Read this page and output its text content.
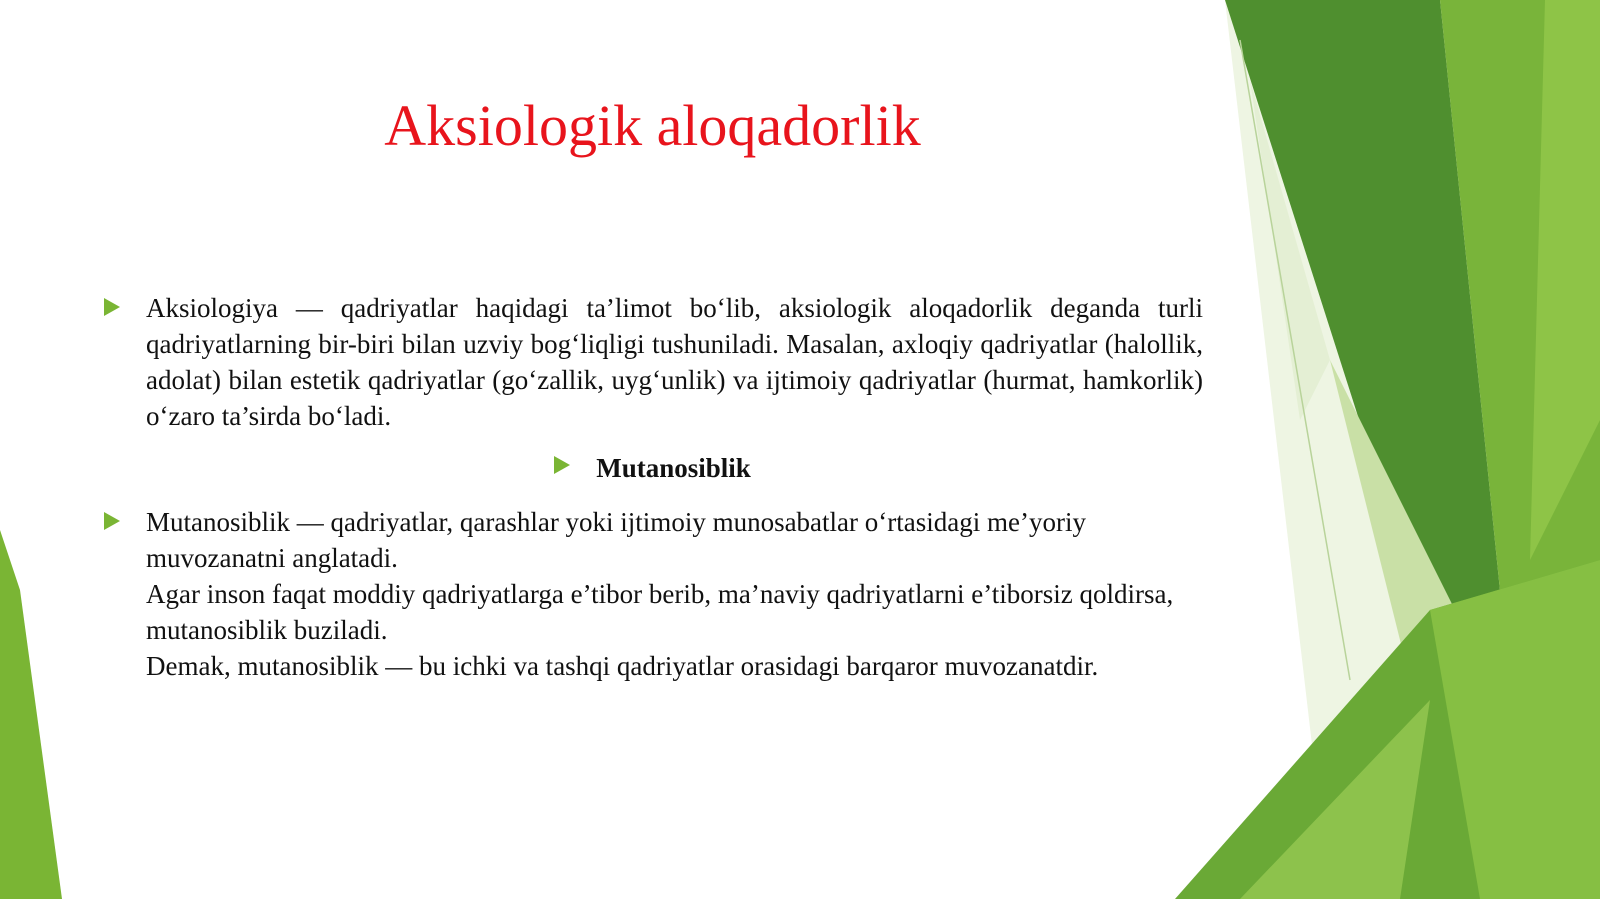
Aksiologik aloqadorlik

Aksiologiya — qadriyatlar haqidagi ta’limot bo‘lib, aksiologik aloqadorlik deganda turli qadriyatlarning bir-biri bilan uzviy bog‘liqligi tushuniladi. Masalan, axloqiy qadriyatlar (halollik, adolat) bilan estetik qadriyatlar (go‘zallik, uyg‘unlik) va ijtimoiy qadriyatlar (hurmat, hamkorlik) o‘zaro ta’sirda bo‘ladi.

Mutanosiblik

Mutanosiblik — qadriyatlar, qarashlar yoki ijtimoiy munosabatlar o‘rtasidagi me’yoriy muvozanatni anglatadi.
Agar inson faqat moddiy qadriyatlarga e’tibor berib, ma’naviy qadriyatlarni e’tiborsiz qoldirsa, mutanosiblik buziladi.
Demak, mutanosiblik — bu ichki va tashqi qadriyatlar orasidagi barqaror muvozanatdir.
